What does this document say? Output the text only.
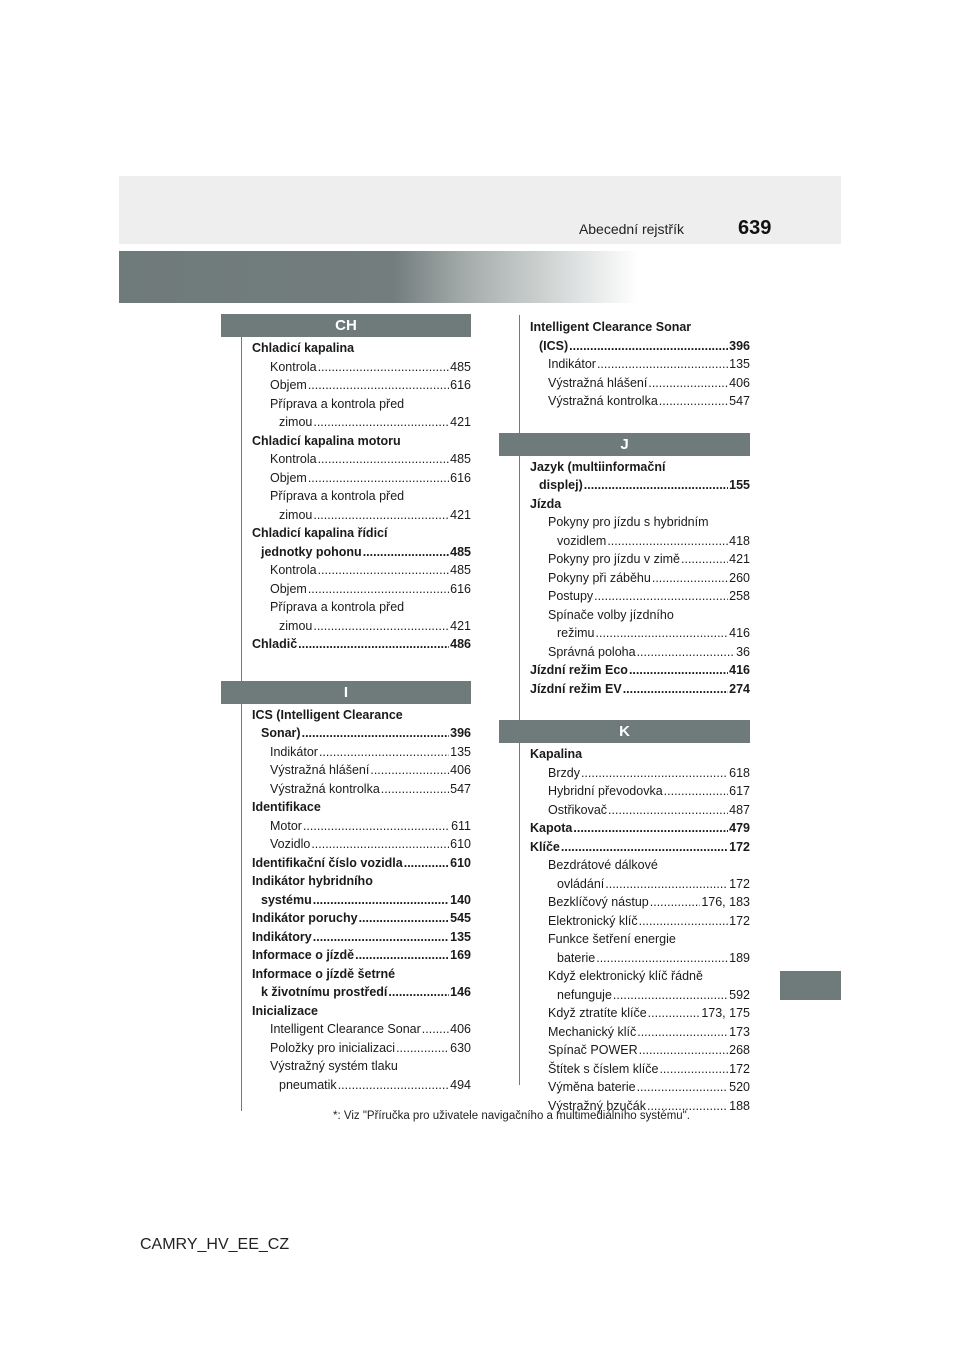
Abecední rejstřík	639
CH
Chladicí kapalina
Kontrola .....	485
Objem .....	616
Příprava a kontrola před
zimou .....	421
Chladicí kapalina motoru
Kontrola .....	485
Objem .....	616
Příprava a kontrola před
zimou .....	421
Chladicí kapalina řídicí
jednotky pohonu .....	485
Kontrola .....	485
Objem .....	616
Příprava a kontrola před
zimou .....	421
Chladič .....	486
I
ICS (Intelligent Clearance
Sonar) .....	396
Indikátor .....	135
Výstražná hlášení .....	406
Výstražná kontrolka .....	547
Identifikace
Motor .....	611
Vozidlo .....	610
Identifikační číslo vozidla .....	610
Indikátor hybridního
systému .....	140
Indikátor poruchy .....	545
Indikátory .....	135
Informace o jízdě .....	169
Informace o jízdě šetrné
k životnímu prostředí .....	146
Inicializace
Intelligent Clearance Sonar ..... 406
Položky pro inicializaci .....	630
Výstražný systém tlaku
pneumatik .....	494
Intelligent Clearance Sonar
(ICS) .....	396
Indikátor .....	135
Výstražná hlášení .....	406
Výstražná kontrolka .....	547
J
Jazyk (multiinformační
displej) .....	155
Jízda
Pokyny pro jízdu s hybridním
vozidlem .....	418
Pokyny pro jízdu v zimě .....	421
Pokyny při záběhu .....	260
Postupy .....	258
Spínače volby jízdního
režimu .....	416
Správná poloha .....	36
Jízdní režim Eco .....	416
Jízdní režim EV .....	274
K
Kapalina
Brzdy .....	618
Hybridní převodovka .....	617
Ostřikovač .....	487
Kapota .....	479
Klíče .....	172
Bezdrátové dálkové
ovládání .....	172
Bezklíčový nástup .....	176, 183
Elektronický klíč .....	172
Funkce šetření energie
baterie .....	189
Když elektronický klíč řádně
nefunguje .....	592
Když ztratíte klíče .....	173, 175
Mechanický klíč .....	173
Spínač POWER .....	268
Štítek s číslem klíče .....	172
Výměna baterie .....	520
Výstražný bzučák .....	188
*: Viz "Příručka pro uživatele navigačního a multimediálního systému".
CAMRY_HV_EE_CZ
